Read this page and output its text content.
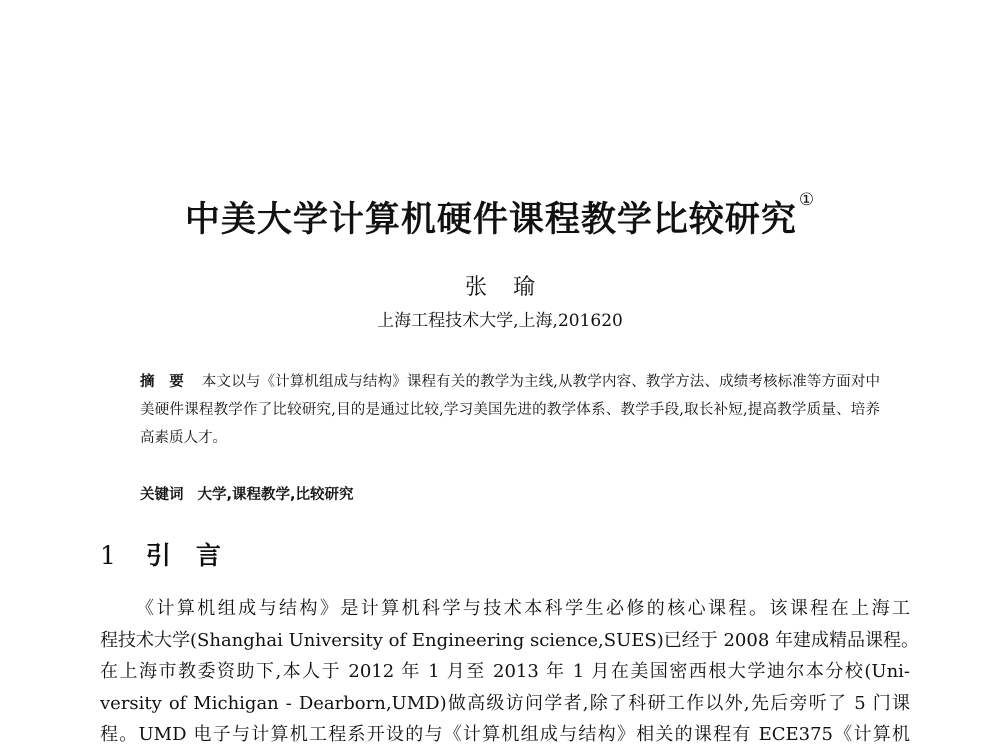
中美大学计算机硬件课程教学比较研究 ①
张瑜
上海工程技术大学,上海,201620
摘　要 本文以与《计算机组成与结构》课程有关的教学为主线,从教学内容、教学方法、成绩考核标准等方面对中美硬件课程教学作了比较研究,目的是通过比较,学习美国先进的教学体系、教学手段,取长补短,提高教学质量、培养高素质人才。
关键词 大学,课程教学,比较研究
1 引　言
《计算机组成与结构》是计算机科学与技术本科学生必修的核心课程。该课程在上海工
程技术大学(Shanghai University of Engineering science,SUES)已经于 2008 年建成精品课程。
在上海市教委资助下,本人于 2012 年 1 月至 2013 年 1 月在美国密西根大学迪尔本分校(Uni-
versity of Michigan - Dearborn,UMD)做高级访问学者,除了科研工作以外,先后旁听了 5 门课
程。UMD 电子与计算机工程系开设的与《计算机组成与结构》相关的课程有 ECE375《计算机
